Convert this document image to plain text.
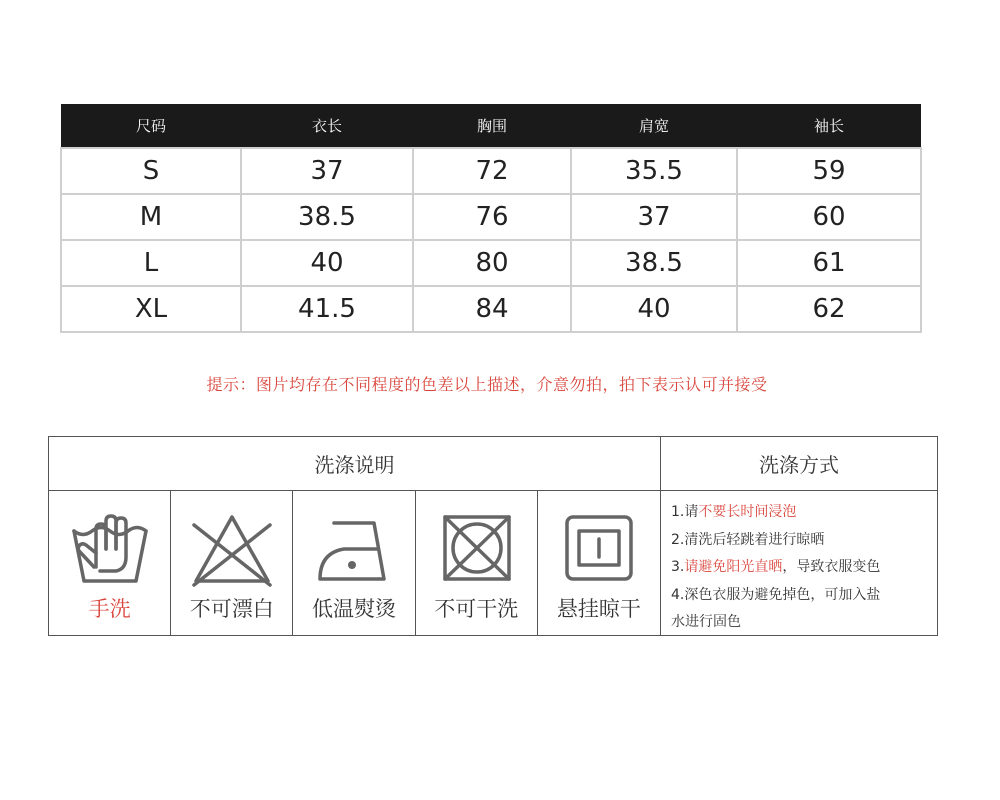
尺码	衣长	胸围	肩宽	袖长
S	37	72	35.5	59
M	38.5	76	37	60
L	40	80	38.5	61
XL	41.5	84	40	62
提示：图片均存在不同程度的色差以上描述，介意勿拍，拍下表示认可并接受
洗涤说明	洗涤方式
手洗	不可漂白	低温熨烫	不可干洗	悬挂晾干
1.请不要长时间浸泡
2.清洗后轻跳着进行晾晒
3.请避免阳光直晒，导致衣服变色
4.深色衣服为避免掉色，可加入盐
水进行固色
